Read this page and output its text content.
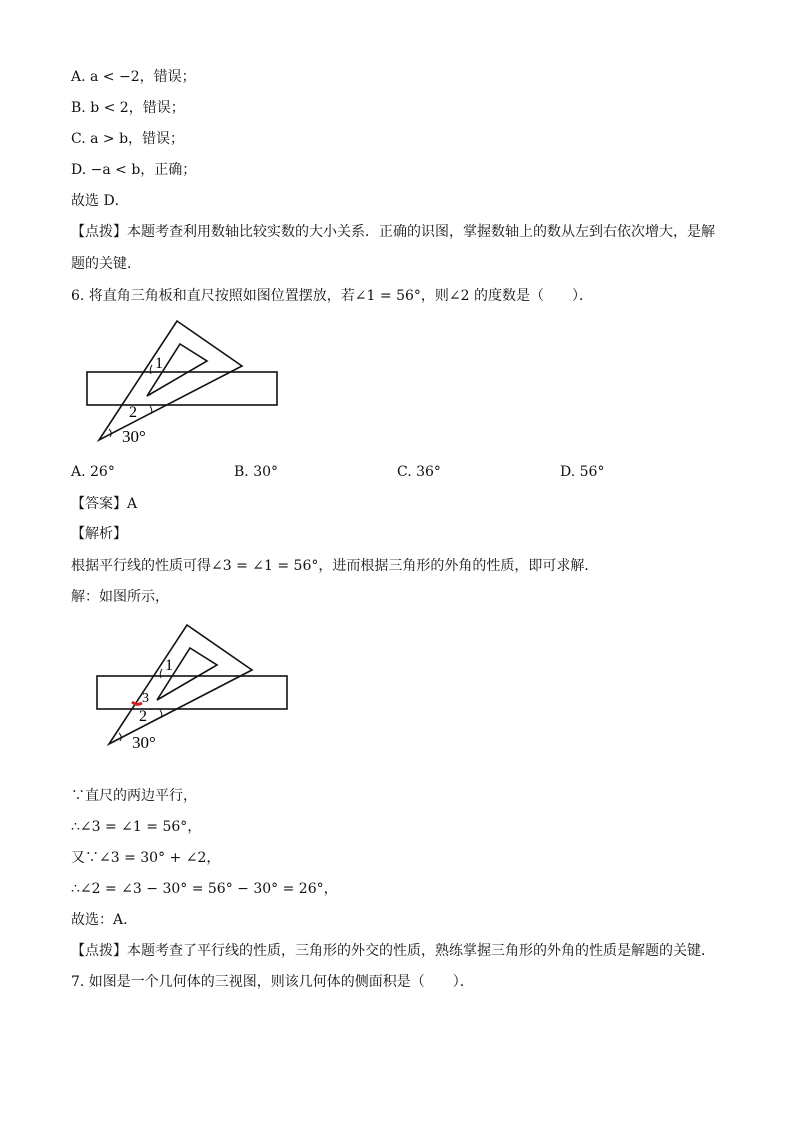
A. a < −2，错误；
B. b < 2，错误；
C. a > b，错误；
D. −a < b，正确；
故选 D．
【点拨】本题考查利用数轴比较实数的大小关系．正确的识图，掌握数轴上的数从左到右依次增大，是解
题的关键．
6. 将直角三角板和直尺按照如图位置摆放，若∠1 = 56°，则∠2 的度数是（　　）．
1
2
30°
A. 26°	B. 30°	C. 36°	D. 56°
【答案】A
【解析】
根据平行线的性质可得∠3 = ∠1 = 56°，进而根据三角形的外角的性质，即可求解．
解：如图所示，
1
3
2
30°
∵直尺的两边平行，
∴∠3 = ∠1 = 56°，
又∵∠3 = 30° + ∠2，
∴∠2 = ∠3 − 30° = 56° − 30° = 26°，
故选：A．
【点拨】本题考查了平行线的性质，三角形的外交的性质，熟练掌握三角形的外角的性质是解题的关键．
7. 如图是一个几何体的三视图，则该几何体的侧面积是（　　）．
